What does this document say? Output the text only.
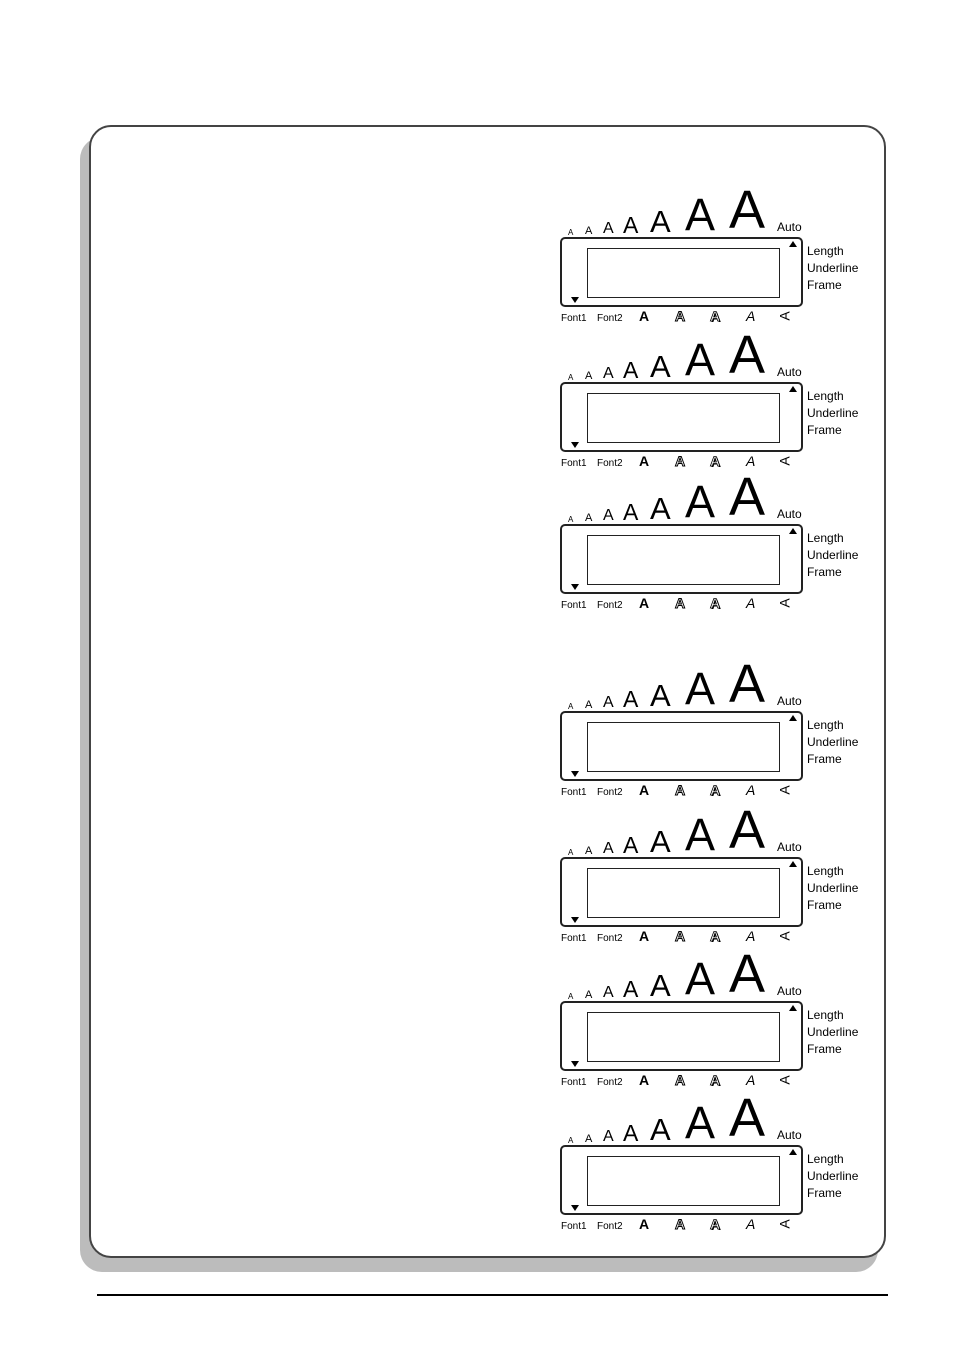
A A A A A A A Auto
Length
Underline
Frame
Font1 Font2 A A A A A
A A A A A A A Auto
Length
Underline
Frame
Font1 Font2 A A A A A
A A A A A A A Auto
Length
Underline
Frame
Font1 Font2 A A A A A
A A A A A A A Auto
Length
Underline
Frame
Font1 Font2 A A A A A
A A A A A A A Auto
Length
Underline
Frame
Font1 Font2 A A A A A
A A A A A A A Auto
Length
Underline
Frame
Font1 Font2 A A A A A
A A A A A A A Auto
Length
Underline
Frame
Font1 Font2 A A A A A
